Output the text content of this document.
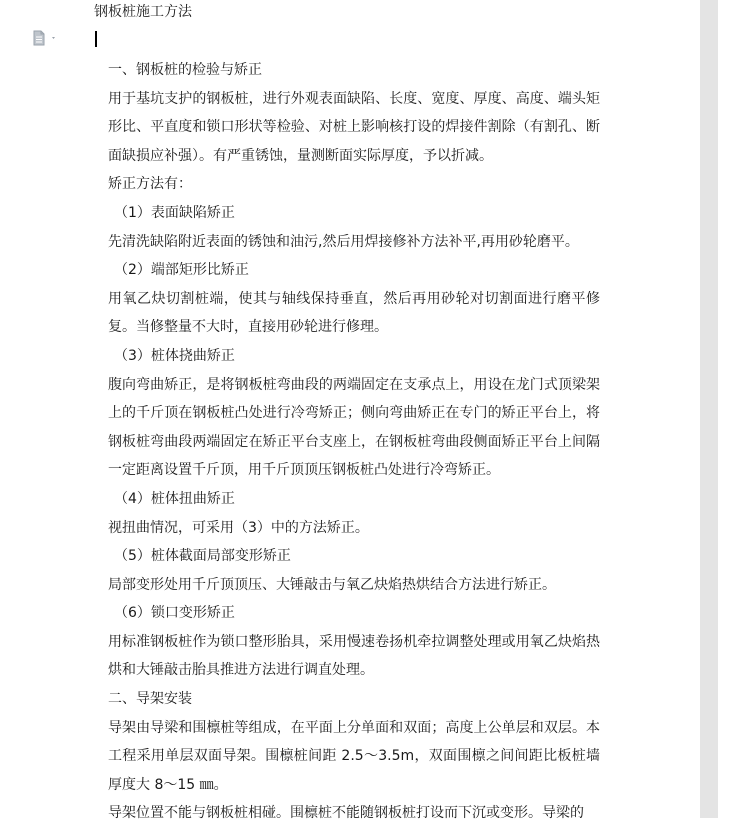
钢板桩施工方法

一、钢板桩的检验与矫正

用于基坑支护的钢板桩，进行外观表面缺陷、长度、宽度、厚度、高度、端头矩形比、平直度和锁口形状等检验、对桩上影响核打设的焊接件割除（有割孔、断面缺损应补强）。有严重锈蚀，量测断面实际厚度，予以折减。

矫正方法有：

（1）表面缺陷矫正

先清洗缺陷附近表面的锈蚀和油污,然后用焊接修补方法补平,再用砂轮磨平。

（2）端部矩形比矫正

用氧乙炔切割桩端，使其与轴线保持垂直，然后再用砂轮对切割面进行磨平修复。当修整量不大时，直接用砂轮进行修理。

（3）桩体挠曲矫正

腹向弯曲矫正，是将钢板桩弯曲段的两端固定在支承点上，用设在龙门式顶梁架上的千斤顶在钢板桩凸处进行冷弯矫正；侧向弯曲矫正在专门的矫正平台上，将钢板桩弯曲段两端固定在矫正平台支座上，在钢板桩弯曲段侧面矫正平台上间隔一定距离设置千斤顶，用千斤顶顶压钢板桩凸处进行冷弯矫正。

（4）桩体扭曲矫正

视扭曲情况，可采用（3）中的方法矫正。

（5）桩体截面局部变形矫正

局部变形处用千斤顶顶压、大锤敲击与氧乙炔焰热烘结合方法进行矫正。

（6）锁口变形矫正

用标准钢板桩作为锁口整形胎具，采用慢速卷扬机牵拉调整处理或用氧乙炔焰热烘和大锤敲击胎具推进方法进行调直处理。

二、导架安装

导架由导梁和围檩桩等组成，在平面上分单面和双面；高度上公单层和双层。本工程采用单层双面导架。围檩桩间距 2.5～3.5m，双面围檩之间间距比板桩墙厚度大 8～15 ㎜。

导架位置不能与钢板桩相碰。围檩桩不能随钢板桩打设而下沉或变形。导梁的
